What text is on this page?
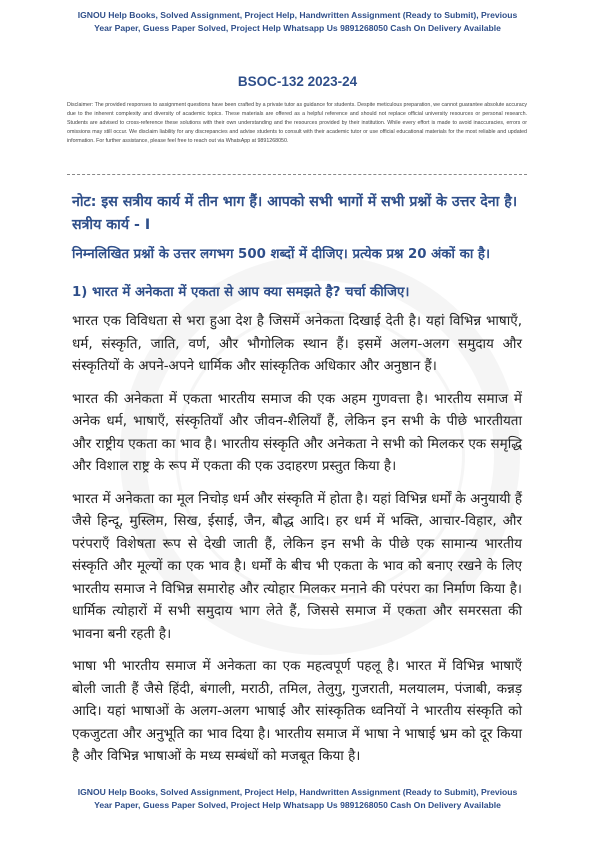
IGNOU Help Books, Solved Assignment, Project Help, Handwritten Assignment (Ready to Submit), Previous
Year Paper, Guess Paper Solved, Project Help Whatsapp Us 9891268050 Cash On Delivery Available
BSOC-132 2023-24
Disclaimer: The provided responses to assignment questions have been crafted by a private tutor as guidance for students. Despite meticulous preparation, we cannot guarantee absolute accuracy due to the inherent complexity and diversity of academic topics. These materials are offered as a helpful reference and should not replace official university resources or personal research. Students are advised to cross-reference these solutions with their own understanding and the resources provided by their institution. While every effort is made to avoid inaccuracies, errors or omissions may still occur. We disclaim liability for any discrepancies and advise students to consult with their academic tutor or use official educational materials for the most reliable and updated information. For further assistance, please feel free to reach out via WhatsApp at 9891268050.
नोट: इस सत्रीय कार्य में तीन भाग हैं। आपको सभी भागों में सभी प्रश्नों के उत्तर देना है। सत्रीय कार्य - I
निम्नलिखित प्रश्नों के उत्तर लगभग 500 शब्दों में दीजिए। प्रत्येक प्रश्न 20 अंकों का है।
1) भारत में अनेकता में एकता से आप क्या समझते है? चर्चा कीजिए।

भारत एक विविधता से भरा हुआ देश है जिसमें अनेकता दिखाई देती है। यहां विभिन्न भाषाएँ, धर्म, संस्कृति, जाति, वर्ण, और भौगोलिक स्थान हैं। इसमें अलग-अलग समुदाय और संस्कृतियों के अपने-अपने धार्मिक और सांस्कृतिक अधिकार और अनुष्ठान हैं।

भारत की अनेकता में एकता भारतीय समाज की एक अहम गुणवत्ता है। भारतीय समाज में अनेक धर्म, भाषाएँ, संस्कृतियाँ और जीवन-शैलियाँ हैं, लेकिन इन सभी के पीछे भारतीयता और राष्ट्रीय एकता का भाव है। भारतीय संस्कृति और अनेकता ने सभी को मिलकर एक समृद्धि और विशाल राष्ट्र के रूप में एकता की एक उदाहरण प्रस्तुत किया है।

भारत में अनेकता का मूल निचोड़ धर्म और संस्कृति में होता है। यहां विभिन्न धर्मों के अनुयायी हैं जैसे हिन्दू, मुस्लिम, सिख, ईसाई, जैन, बौद्ध आदि। हर धर्म में भक्ति, आचार-विहार, और परंपराएँ विशेषता रूप से देखी जाती हैं, लेकिन इन सभी के पीछे एक सामान्य भारतीय संस्कृति और मूल्यों का एक भाव है। धर्मों के बीच भी एकता के भाव को बनाए रखने के लिए भारतीय समाज ने विभिन्न समारोह और त्योहार मिलकर मनाने की परंपरा का निर्माण किया है। धार्मिक त्योहारों में सभी समुदाय भाग लेते हैं, जिससे समाज में एकता और समरसता की भावना बनी रहती है।

भाषा भी भारतीय समाज में अनेकता का एक महत्वपूर्ण पहलू है। भारत में विभिन्न भाषाएँ बोली जाती हैं जैसे हिंदी, बंगाली, मराठी, तमिल, तेलुगु, गुजराती, मलयालम, पंजाबी, कन्नड़ आदि। यहां भाषाओं के अलग-अलग भाषाई और सांस्कृतिक ध्वनियों ने भारतीय संस्कृति को एकजुटता और अनुभूति का भाव दिया है। भारतीय समाज में भाषा ने भाषाई भ्रम को दूर किया है और विभिन्न भाषाओं के मध्य सम्बंधों को मजबूत किया है।

IGNOU Help Books, Solved Assignment, Project Help, Handwritten Assignment (Ready to Submit), Previous
Year Paper, Guess Paper Solved, Project Help Whatsapp Us 9891268050 Cash On Delivery Available
